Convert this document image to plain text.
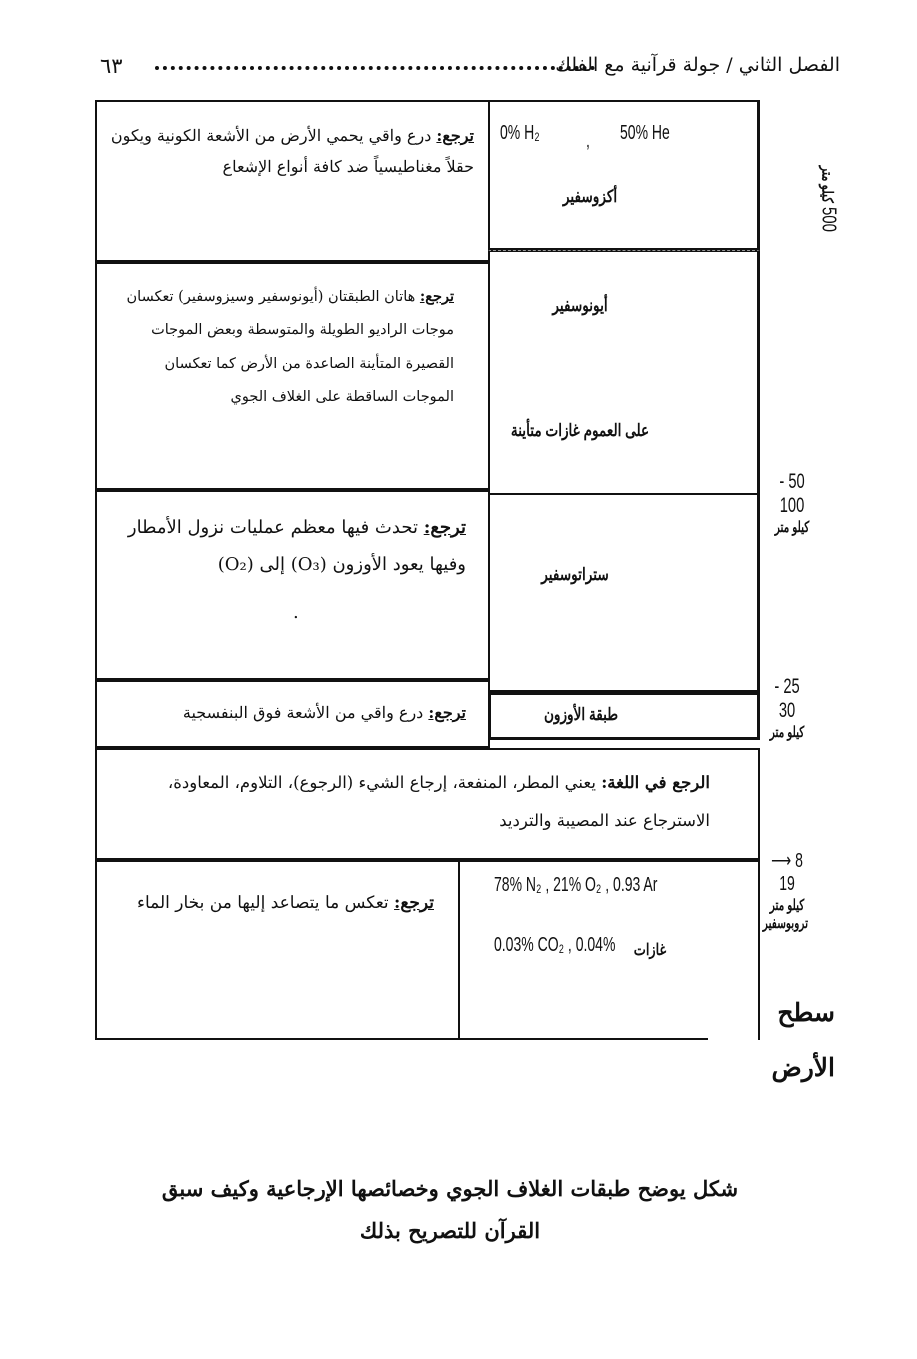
الفصل الثاني / جولة قرآنية مع الفلك
٦٣
ترجع: درع واقي يحمي الأرض من الأشعة الكونية ويكون حقلاً مغناطيسياً ضد كافة أنواع الإشعاع
0% H₂ , 50% He
أكزوسفير
500 كيلو متر
ترجع: هاتان الطبقتان (أيونوسفير وسيزوسفير) تعكسان موجات الراديو الطويلة والمتوسطة وبعض الموجات القصيرة المتأينة الصاعدة من الأرض كما تعكسان الموجات الساقطة على الغلاف الجوي
أيونوسفير
على العموم غازات متأينة
50 - 100
كيلو متر
ترجع: تحدث فيها معظم عمليات نزول الأمطار وفيها يعود الأوزون (O₃) إلى (O₂)
.
ستراتوسفير
25 - 30
كيلو متر
ترجع: درع واقي من الأشعة فوق البنفسجية	طبقة الأوزون
الرجع في اللغة: يعني المطر، المنفعة، إرجاع الشيء (الرجوع)، التلاوم، المعاودة، الاسترجاع عند المصيبة والترديد
8 ⟶ 19
كيلو متر
تروبوسفير
ترجع: تعكس ما يتصاعد إليها من بخار الماء
78% N₂ , 21% O₂ , 0.93 Ar
0.03% CO₂ , 0.04%	غازات
سطح
الأرض
شكل يوضح طبقات الغلاف الجوي وخصائصها الإرجاعية وكيف سبق
القرآن للتصريح بذلك
